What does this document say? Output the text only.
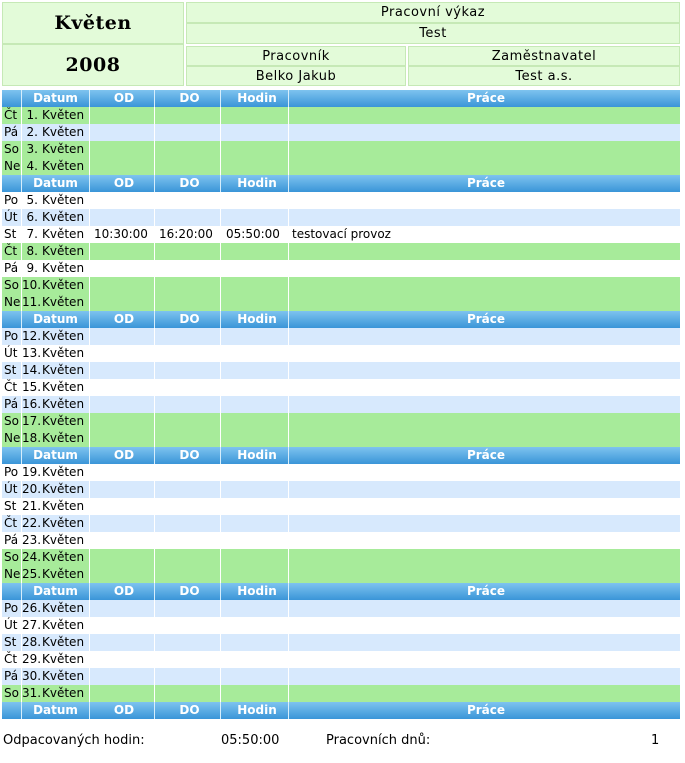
Květen
2008
Pracovní výkaz
Test
Pracovník	Zaměstnavatel
Belko Jakub	Test a.s.
Datum	OD	DO	Hodin	Práce
Čt 1. Květen
Pá 2. Květen
So 3. Květen
Ne 4. Květen
Datum	OD	DO	Hodin	Práce
Po 5. Květen
Út 6. Květen
St 7. Květen 10:30:00 16:20:00	05:50:00	testovací provoz
Čt 8. Květen
Pá 9. Květen
So 10. Květen
Ne 11. Květen
Datum	OD	DO	Hodin	Práce
Po 12. Květen
Út 13. Květen
St 14. Květen
Čt 15. Květen
Pá 16. Květen
So 17. Květen
Ne 18. Květen
Datum	OD	DO	Hodin	Práce
Po 19. Květen
Út 20. Květen
St 21. Květen
Čt 22. Květen
Pá 23. Květen
So 24. Květen
Ne 25. Květen
Datum	OD	DO	Hodin	Práce
Po 26. Květen
Út 27. Květen
St 28. Květen
Čt 29. Květen
Pá 30. Květen
So 31. Květen
Datum	OD	DO	Hodin	Práce
Odpacovaných hodin:	05:50:00	Pracovních dnů:	1
